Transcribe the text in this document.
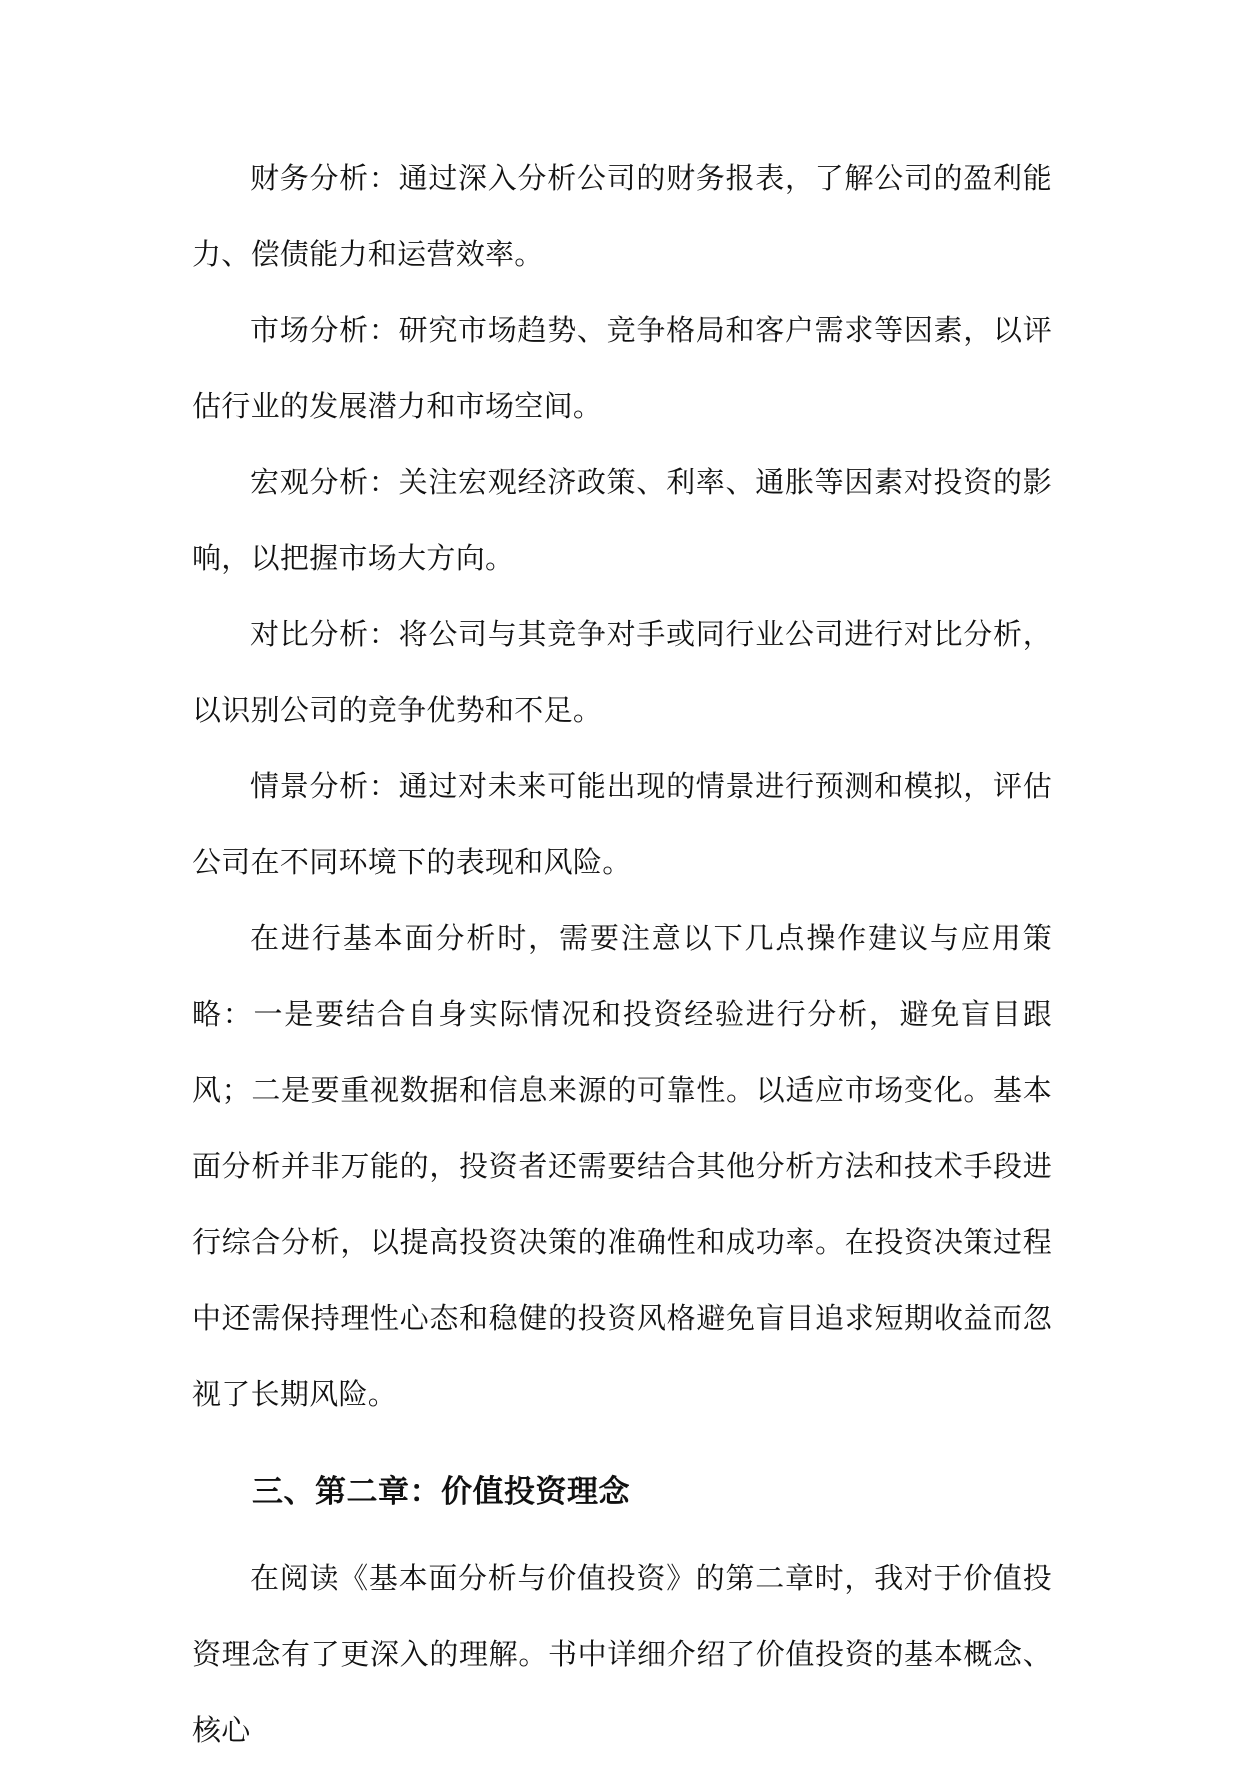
财务分析：通过深入分析公司的财务报表，了解公司的盈利能力、偿债能力和运营效率。

市场分析：研究市场趋势、竞争格局和客户需求等因素，以评估行业的发展潜力和市场空间。

宏观分析：关注宏观经济政策、利率、通胀等因素对投资的影响，以把握市场大方向。

对比分析：将公司与其竞争对手或同行业公司进行对比分析，以识别公司的竞争优势和不足。

情景分析：通过对未来可能出现的情景进行预测和模拟，评估公司在不同环境下的表现和风险。

在进行基本面分析时，需要注意以下几点操作建议与应用策略：一是要结合自身实际情况和投资经验进行分析，避免盲目跟风；二是要重视数据和信息来源的可靠性。以适应市场变化。基本面分析并非万能的，投资者还需要结合其他分析方法和技术手段进行综合分析，以提高投资决策的准确性和成功率。在投资决策过程中还需保持理性心态和稳健的投资风格避免盲目追求短期收益而忽视了长期风险。

三、第二章：价值投资理念

在阅读《基本面分析与价值投资》的第二章时，我对于价值投资理念有了更深入的理解。书中详细介绍了价值投资的基本概念、核心
